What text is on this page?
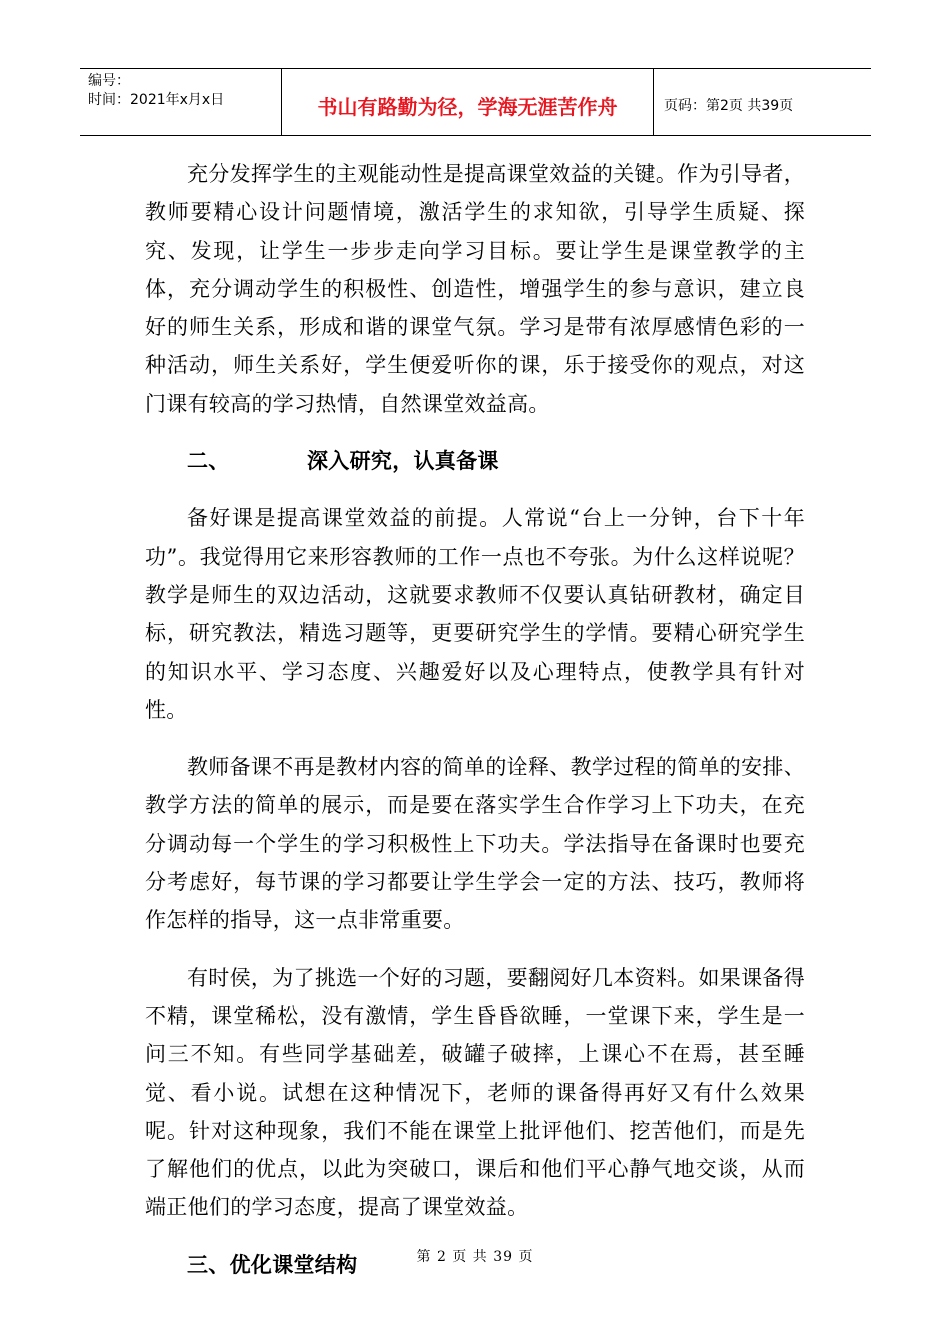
编号：
时间：2021年x月x日	书山有路勤为径，学海无涯苦作舟	页码：第2页 共39页

充分发挥学生的主观能动性是提高课堂效益的关键。作为引导者，教师要精心设计问题情境，激活学生的求知欲，引导学生质疑、探究、发现，让学生一步步走向学习目标。要让学生是课堂教学的主体，充分调动学生的积极性、创造性，增强学生的参与意识，建立良好的师生关系，形成和谐的课堂气氛。学习是带有浓厚感情色彩的一种活动，师生关系好，学生便爱听你的课，乐于接受你的观点，对这门课有较高的学习热情，自然课堂效益高。

二、	深入研究，认真备课

备好课是提高课堂效益的前提。人常说“台上一分钟，台下十年功”。我觉得用它来形容教师的工作一点也不夸张。为什么这样说呢？教学是师生的双边活动，这就要求教师不仅要认真钻研教材，确定目标，研究教法，精选习题等，更要研究学生的学情。要精心研究学生的知识水平、学习态度、兴趣爱好以及心理特点，使教学具有针对性。

教师备课不再是教材内容的简单的诠释、教学过程的简单的安排、教学方法的简单的展示，而是要在落实学生合作学习上下功夫，在充分调动每一个学生的学习积极性上下功夫。学法指导在备课时也要充分考虑好，每节课的学习都要让学生学会一定的方法、技巧，教师将作怎样的指导，这一点非常重要。

有时侯，为了挑选一个好的习题，要翻阅好几本资料。如果课备得不精，课堂稀松，没有激情，学生昏昏欲睡，一堂课下来，学生是一问三不知。有些同学基础差，破罐子破摔，上课心不在焉，甚至睡觉、看小说。试想在这种情况下，老师的课备得再好又有什么效果呢。针对这种现象，我们不能在课堂上批评他们、挖苦他们，而是先了解他们的优点，以此为突破口，课后和他们平心静气地交谈，从而端正他们的学习态度，提高了课堂效益。

三、优化课堂结构	第 2 页 共 39 页
